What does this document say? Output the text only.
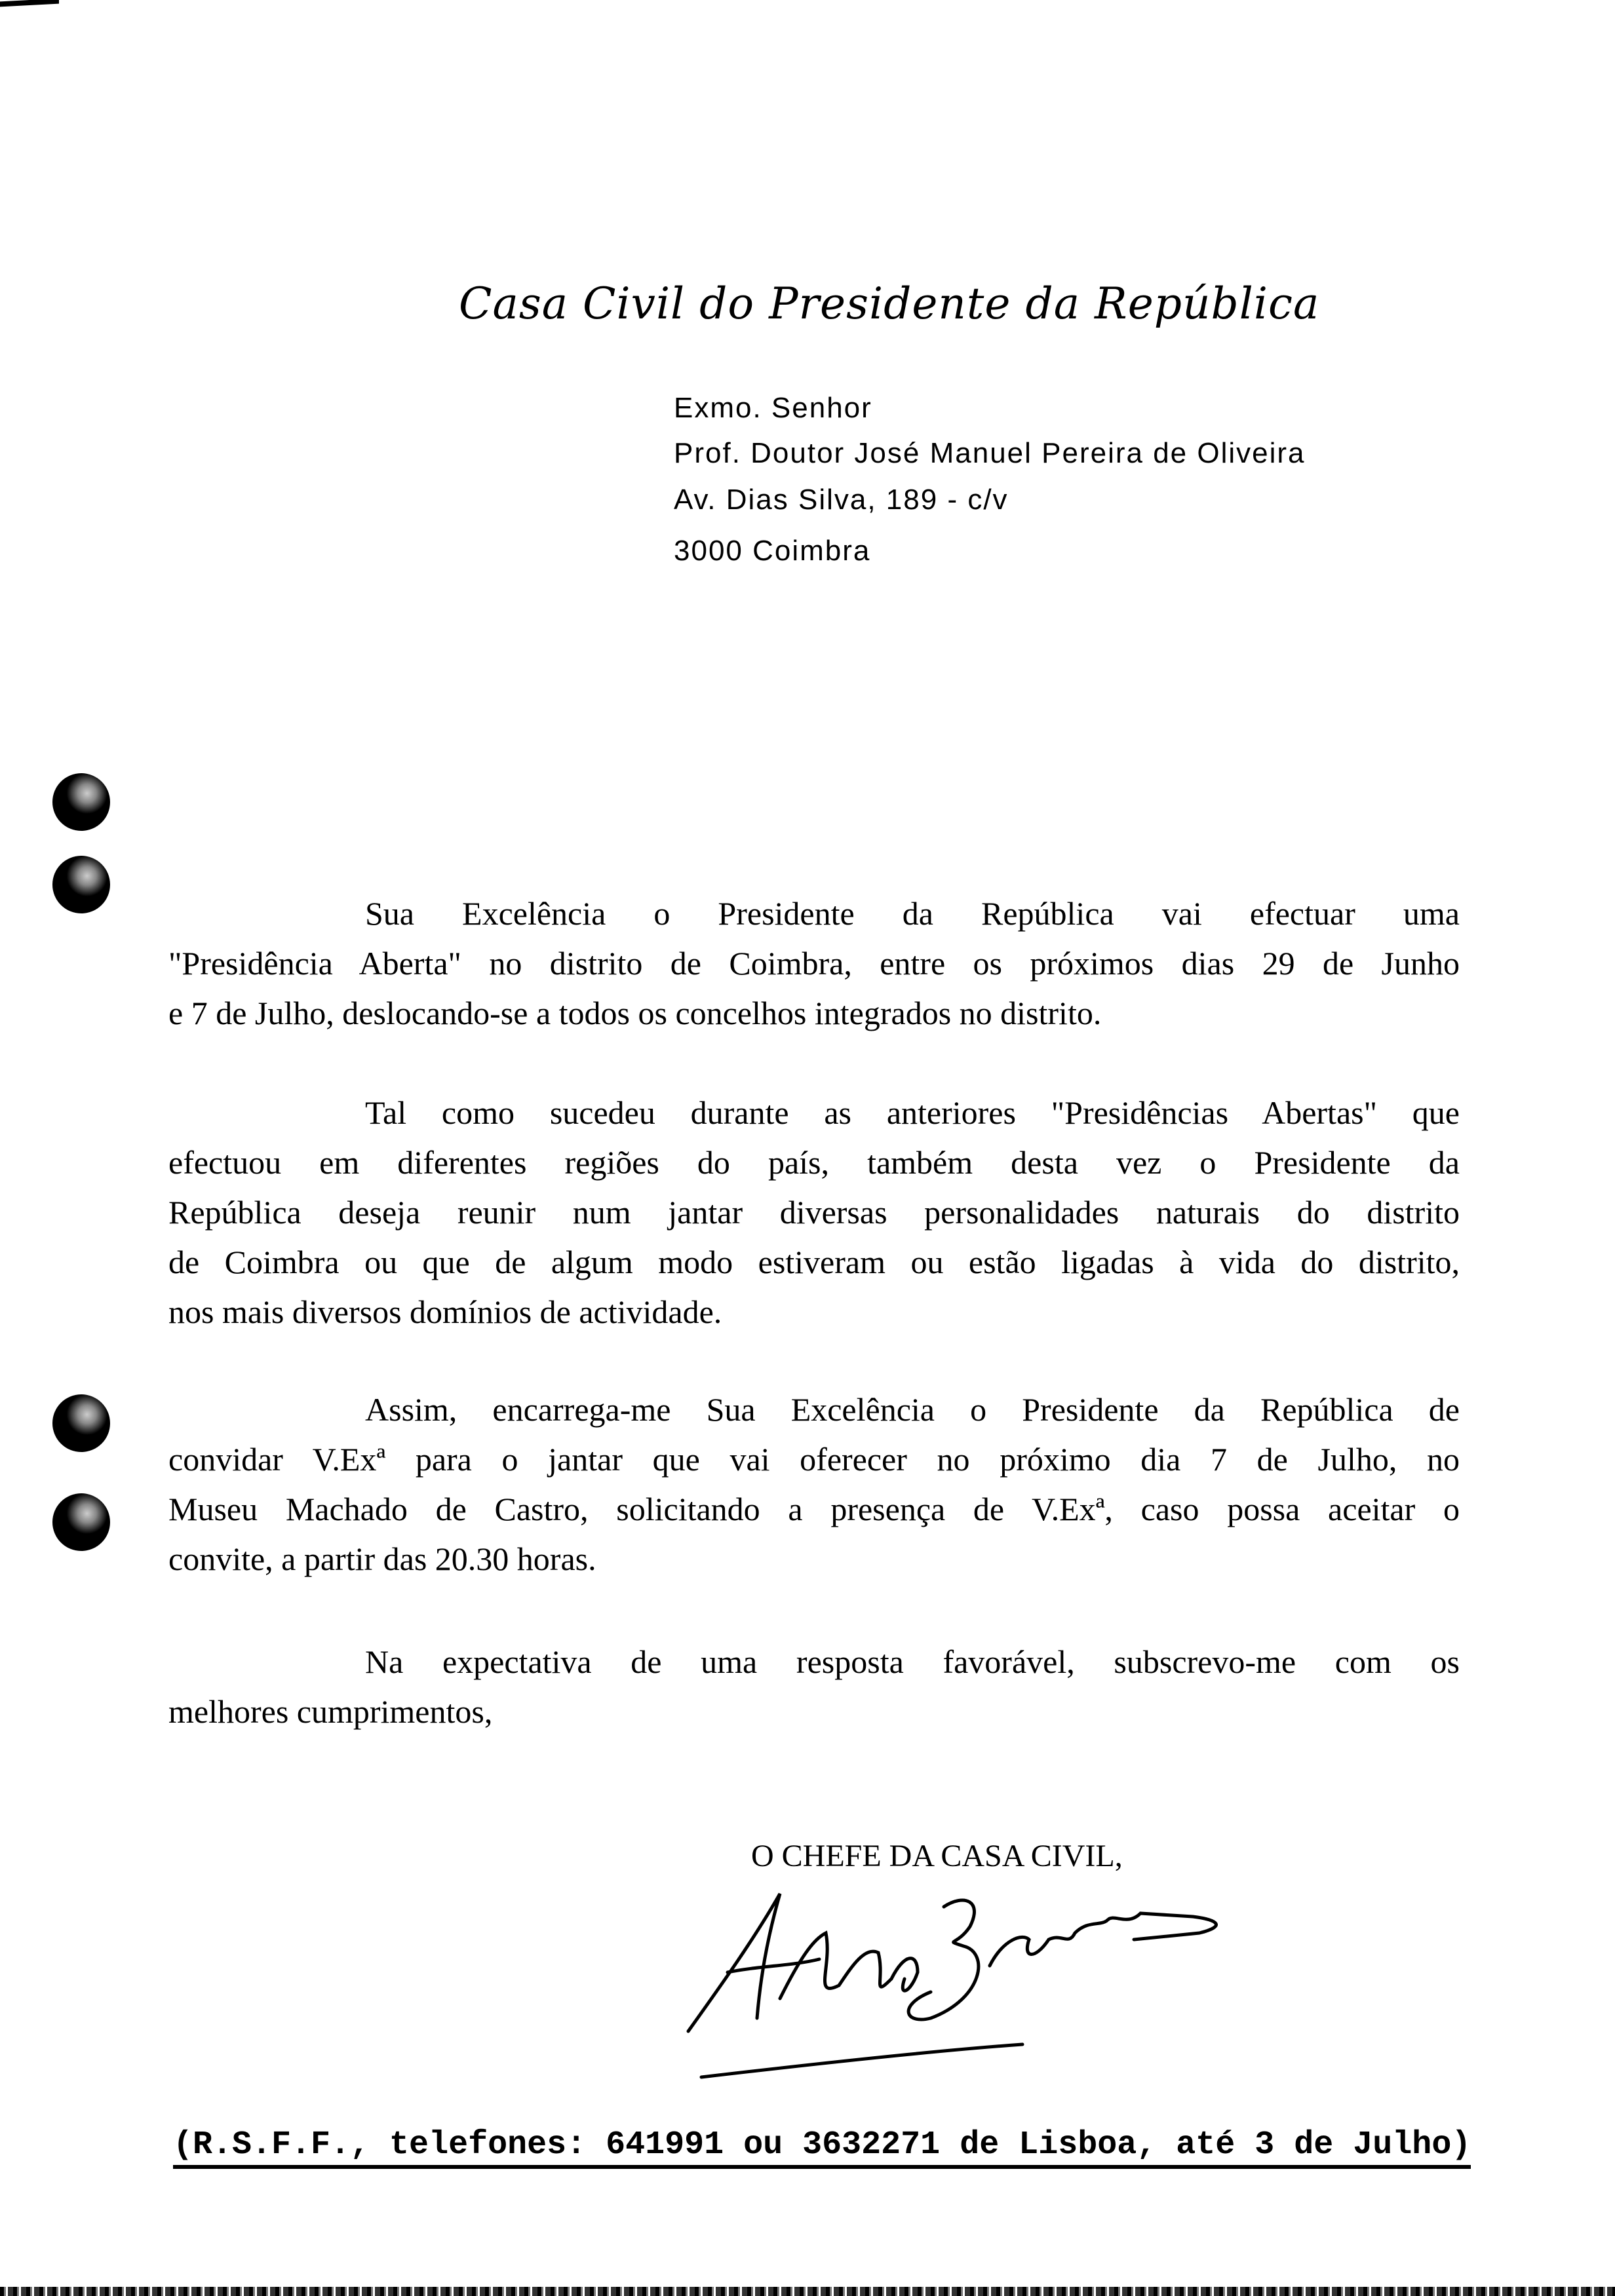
Casa Civil do Presidente da República
Exmo. Senhor
Prof. Doutor José Manuel Pereira de Oliveira
Av. Dias Silva, 189 - c/v
3000 Coimbra
Sua Excelência o Presidente da República vai efectuar uma
"Presidência Aberta" no distrito de Coimbra, entre os próximos dias 29 de Junho
e 7 de Julho, deslocando-se a todos os concelhos integrados no distrito.
Tal como sucedeu durante as anteriores "Presidências Abertas" que
efectuou em diferentes regiões do país, também desta vez o Presidente da
República deseja reunir num jantar diversas personalidades naturais do distrito
de Coimbra ou que de algum modo estiveram ou estão ligadas à vida do distrito,
nos mais diversos domínios de actividade.
Assim, encarrega-me Sua Excelência o Presidente da República de
convidar V.Exª para o jantar que vai oferecer no próximo dia 7 de Julho, no
Museu Machado de Castro, solicitando a presença de V.Exª, caso possa aceitar o
convite, a partir das 20.30 horas.
Na expectativa de uma resposta favorável, subscrevo-me com os
melhores cumprimentos,
O CHEFE DA CASA CIVIL,
(R.S.F.F., telefones: 641991 ou 3632271 de Lisboa, até 3 de Julho)
